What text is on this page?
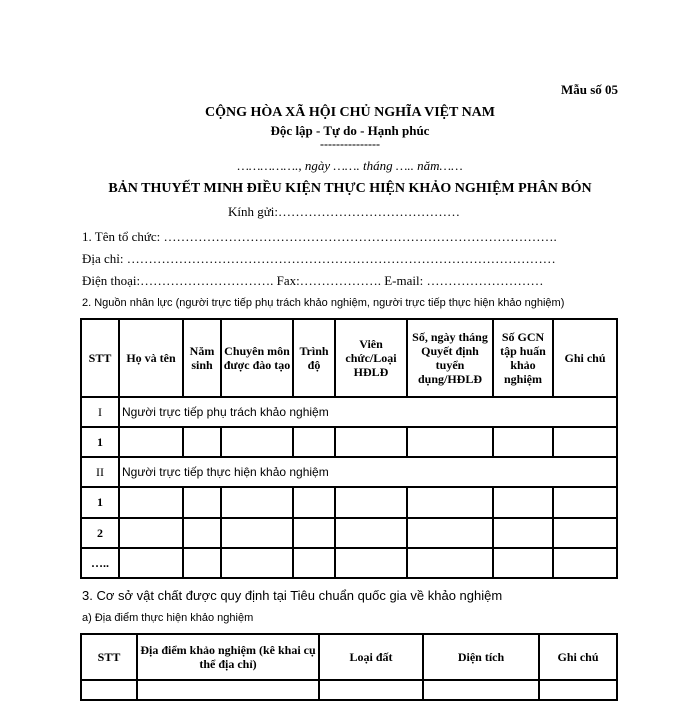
Mẫu số 05
CỘNG HÒA XÃ HỘI CHỦ NGHĨA VIỆT NAM
Độc lập - Tự do - Hạnh phúc
---------------
……………., ngày ……. tháng ….. năm……
BẢN THUYẾT MINH ĐIỀU KIỆN THỰC HIỆN KHẢO NGHIỆM PHÂN BÓN
Kính gửi:……………………………………
1. Tên tổ chức: ……………………………………………………………………………….
Địa chỉ: ………………………………………………………………………………………
Điện thoại:…………………………. Fax:………………. E-mail: ………………………
2. Nguồn nhân lực (người trực tiếp phụ trách khảo nghiệm, người trực tiếp thực hiện khảo nghiệm)
STT	Họ và tên	Năm sinh	Chuyên môn được đào tạo	Trình độ	Viên chức/Loại HĐLĐ	Số, ngày tháng Quyết định tuyển dụng/HĐLĐ	Số GCN tập huấn khảo nghiệm	Ghi chú
I	Người trực tiếp phụ trách khảo nghiệm							
1								
II	Người trực tiếp thực hiện khảo nghiệm							
1								
2								
…..								
3. Cơ sở vật chất được quy định tại Tiêu chuẩn quốc gia về khảo nghiệm
a) Địa điểm thực hiện khảo nghiệm
STT	Địa điểm khảo nghiệm (kê khai cụ thể địa chỉ)	Loại đất	Diện tích	Ghi chú
